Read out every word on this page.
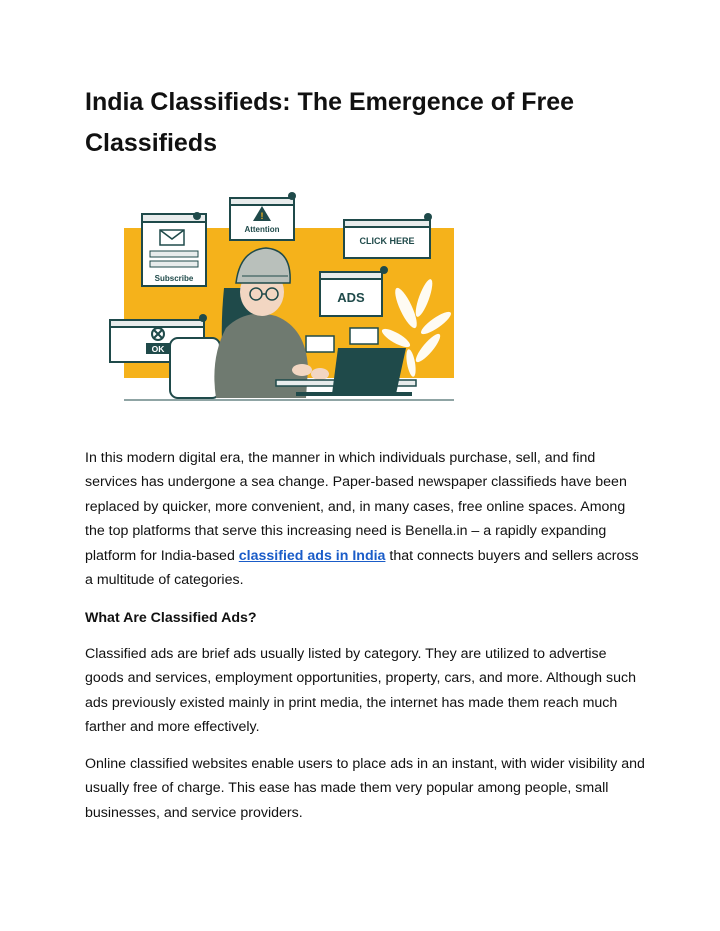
India Classifieds: The Emergence of Free Classifieds
Subscribe
!
Attention
CLICK HERE
ADS
OK

In this modern digital era, the manner in which individuals purchase, sell, and find services has undergone a sea change. Paper-based newspaper classifieds have been replaced by quicker, more convenient, and, in many cases, free online spaces. Among the top platforms that serve this increasing need is Benella.in – a rapidly expanding platform for India-based classified ads in India that connects buyers and sellers across a multitude of categories.

What Are Classified Ads?

Classified ads are brief ads usually listed by category. They are utilized to advertise goods and services, employment opportunities, property, cars, and more. Although such ads previously existed mainly in print media, the internet has made them reach much farther and more effectively.

Online classified websites enable users to place ads in an instant, with wider visibility and usually free of charge. This ease has made them very popular among people, small businesses, and service providers.
